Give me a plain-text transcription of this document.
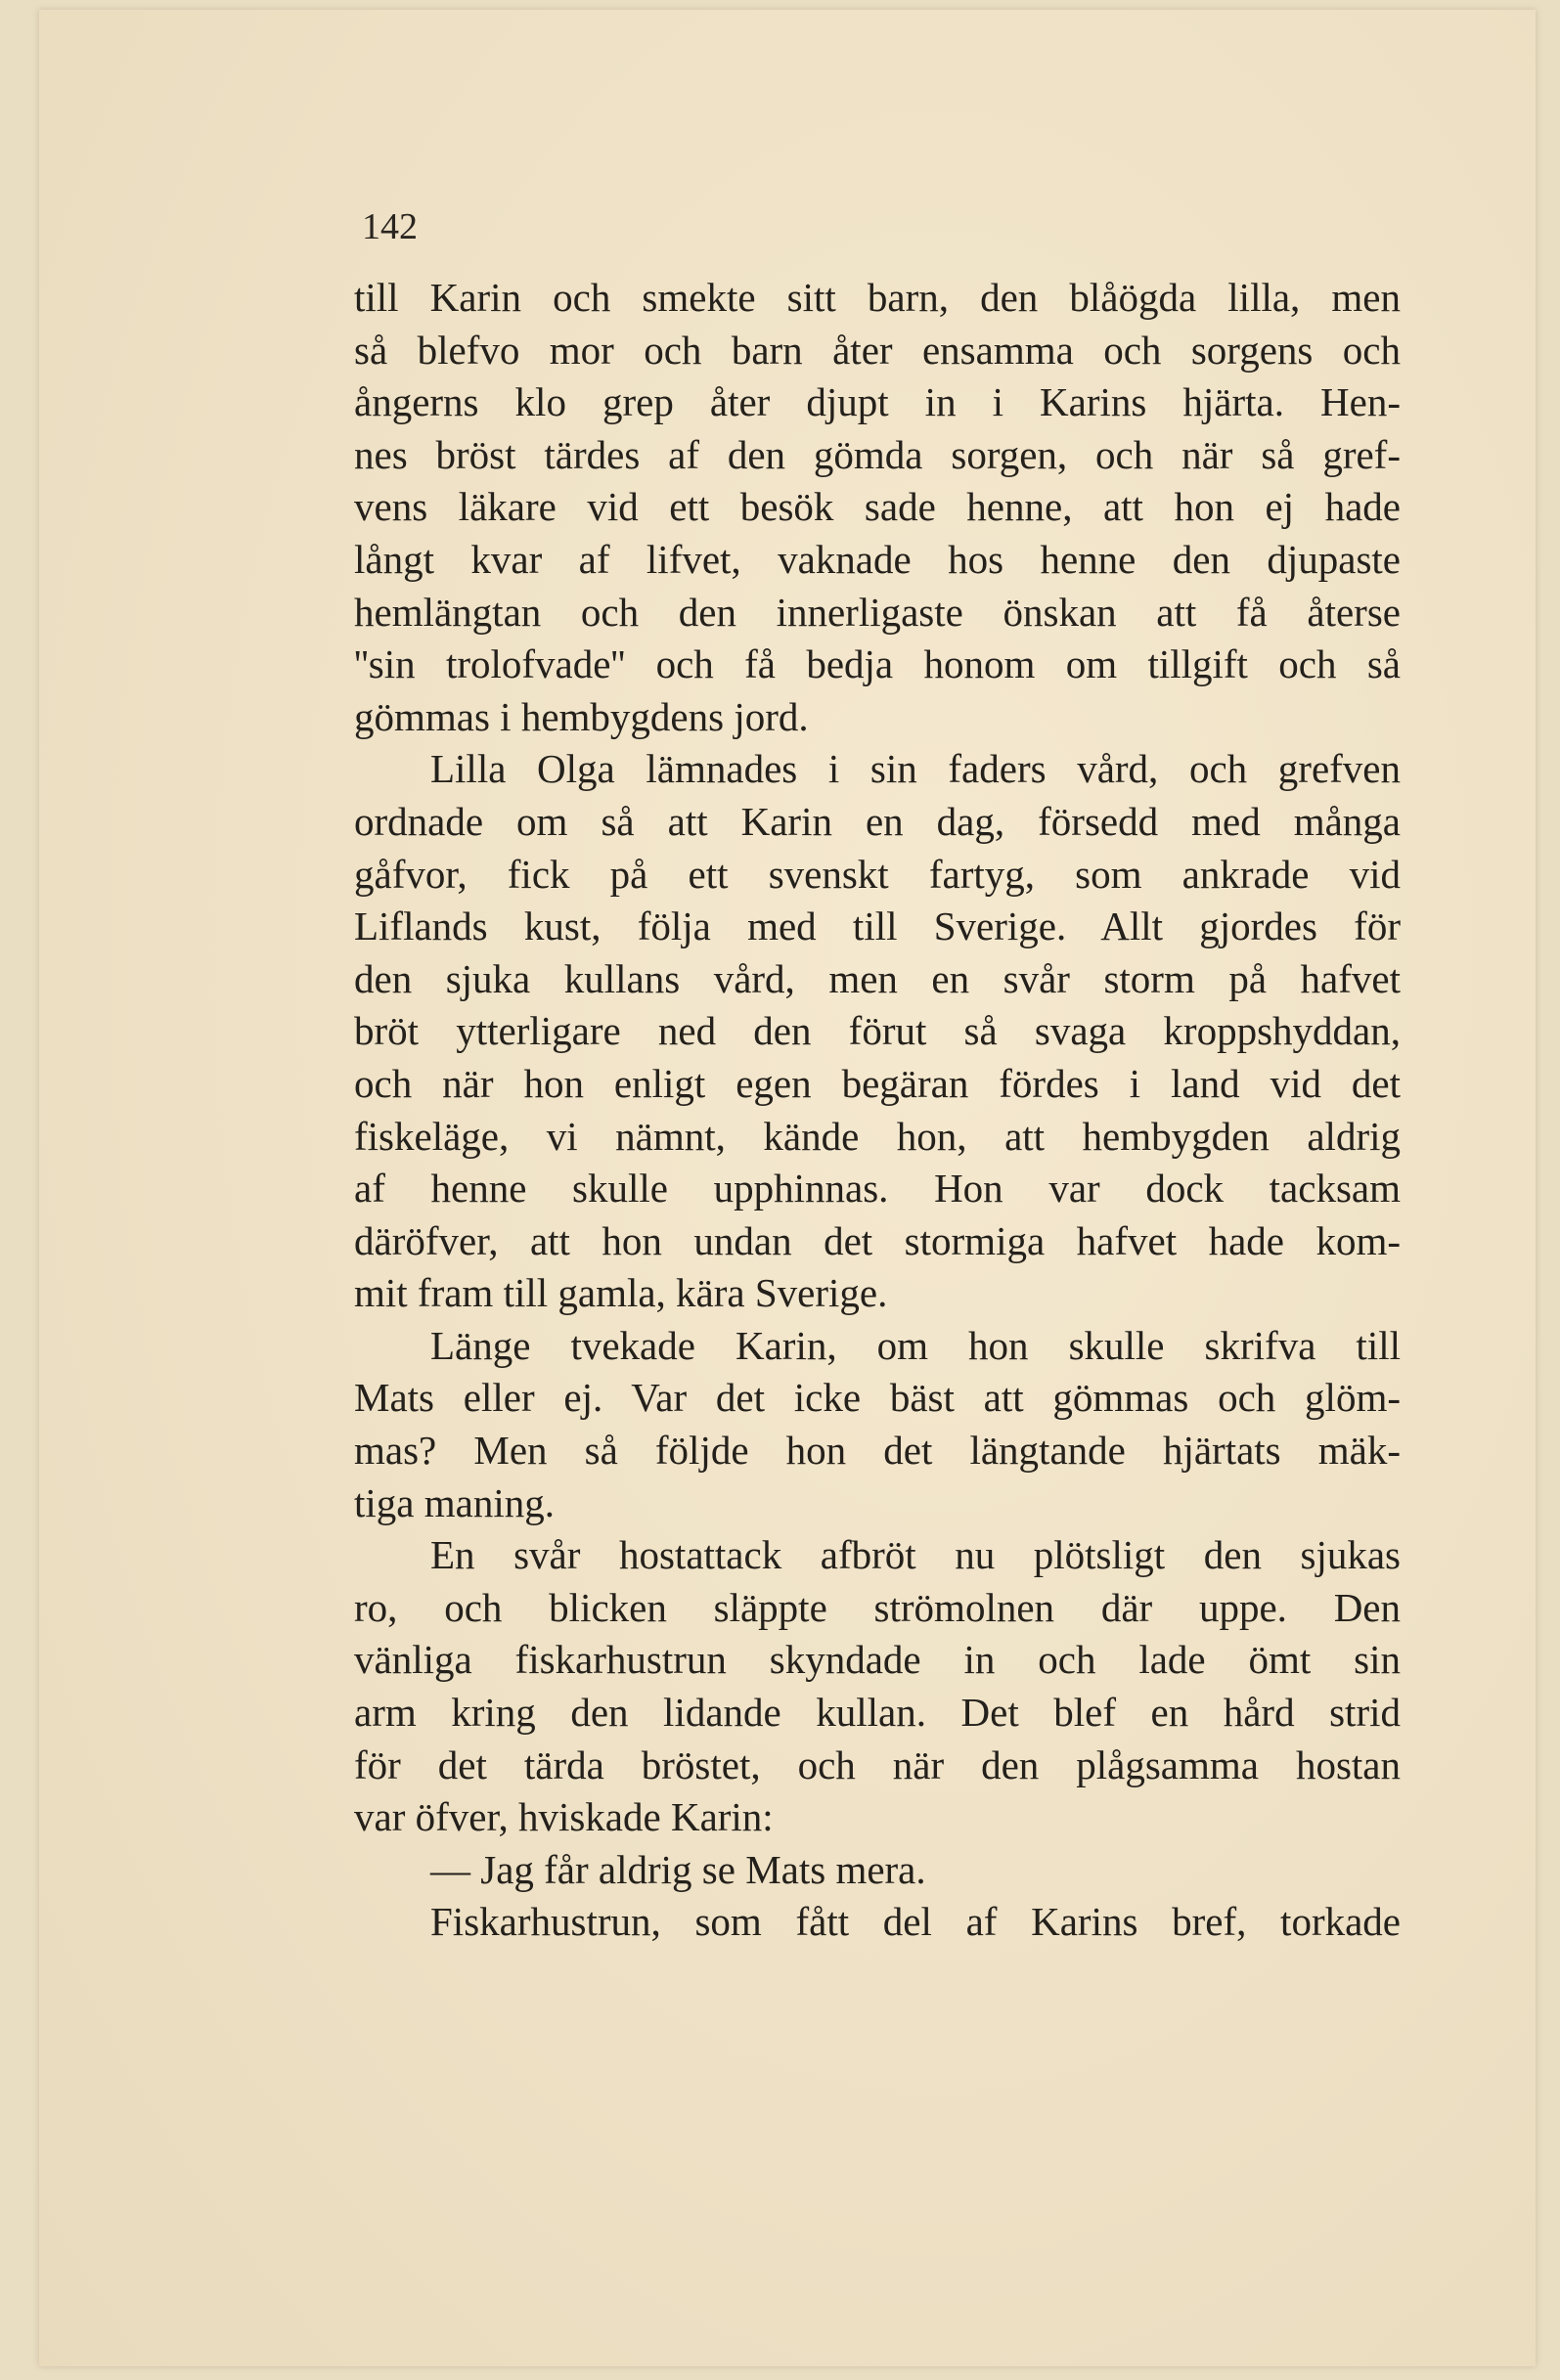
142

till Karin och smekte sitt barn, den blåögda lilla, men
så blefvo mor och barn åter ensamma och sorgens och
ångerns klo grep åter djupt in i Karins hjärta. Hen-
nes bröst tärdes af den gömda sorgen, och när så gref-
vens läkare vid ett besök sade henne, att hon ej hade
långt kvar af lifvet, vaknade hos henne den djupaste
hemlängtan och den innerligaste önskan att få återse
''sin trolofvade'' och få bedja honom om tillgift och så
gömmas i hembygdens jord.
Lilla Olga lämnades i sin faders vård, och grefven
ordnade om så att Karin en dag, försedd med många
gåfvor, fick på ett svenskt fartyg, som ankrade vid
Liflands kust, följa med till Sverige. Allt gjordes för
den sjuka kullans vård, men en svår storm på hafvet
bröt ytterligare ned den förut så svaga kroppshyddan,
och när hon enligt egen begäran fördes i land vid det
fiskeläge, vi nämnt, kände hon, att hembygden aldrig
af henne skulle upphinnas. Hon var dock tacksam
däröfver, att hon undan det stormiga hafvet hade kom-
mit fram till gamla, kära Sverige.
Länge tvekade Karin, om hon skulle skrifva till
Mats eller ej. Var det icke bäst att gömmas och glöm-
mas? Men så följde hon det längtande hjärtats mäk-
tiga maning.
En svår hostattack afbröt nu plötsligt den sjukas
ro, och blicken släppte strömolnen där uppe. Den
vänliga fiskarhustrun skyndade in och lade ömt sin
arm kring den lidande kullan. Det blef en hård strid
för det tärda bröstet, och när den plågsamma hostan
var öfver, hviskade Karin:
— Jag får aldrig se Mats mera.
Fiskarhustrun, som fått del af Karins bref, torkade
